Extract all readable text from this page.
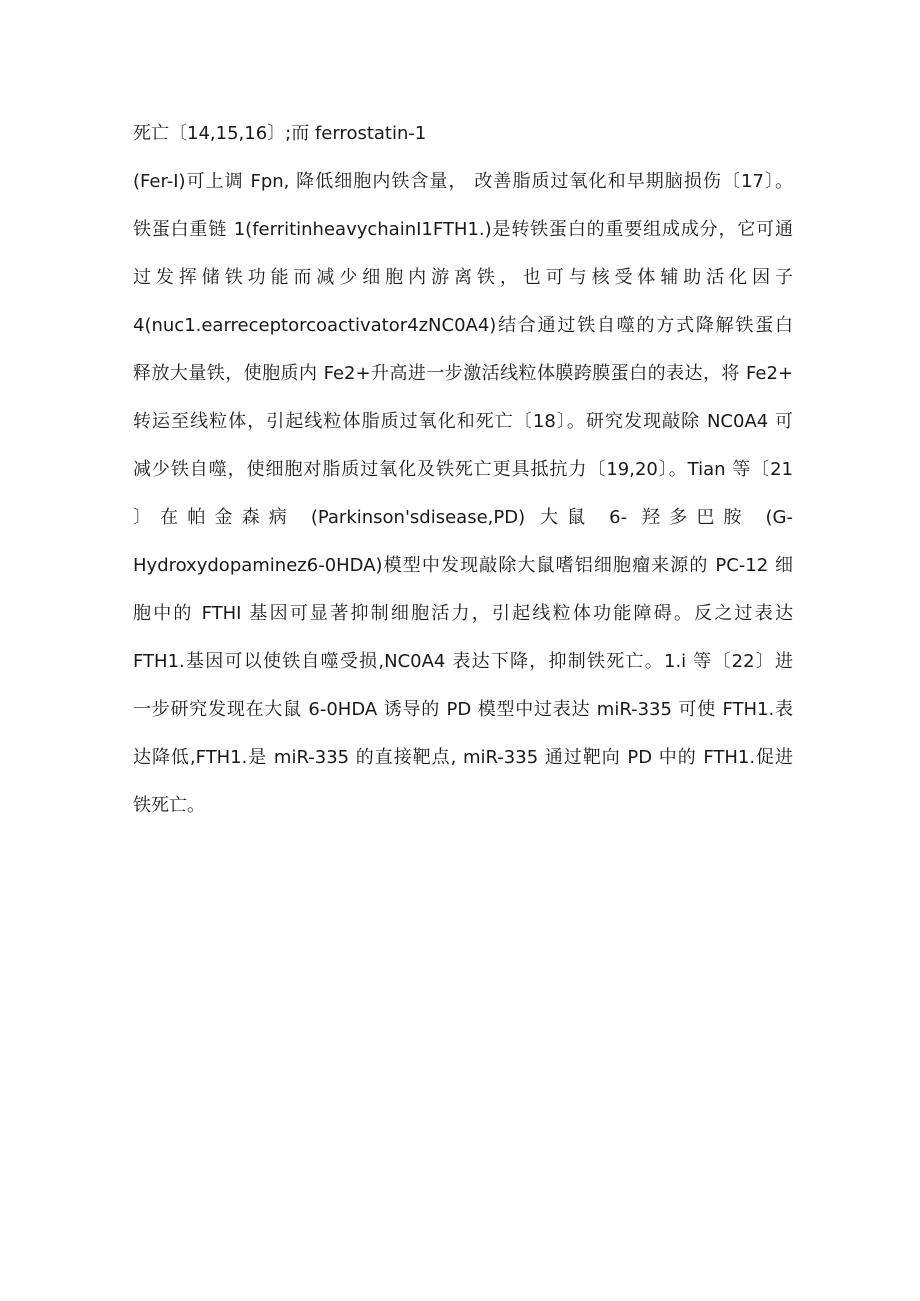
死亡〔14,15,16〕;而 ferrostatin-1
(Fer-I)可上调 Fpn, 降低细胞内铁含量， 改善脂质过氧化和早期脑损伤〔17〕。
铁蛋白重链 1(ferritinheavychainI1FTH1.)是转铁蛋白的重要组成成分，它可通
过发挥储铁功能而减少细胞内游离铁，也可与核受体辅助活化因子
4(nuc1.earreceptorcoactivator4zNC0A4)结合通过铁自噬的方式降解铁蛋白
释放大量铁，使胞质内 Fe2+升高进一步激活线粒体膜跨膜蛋白的表达，将 Fe2+
转运至线粒体，引起线粒体脂质过氧化和死亡〔18〕。研究发现敲除 NC0A4 可
减少铁自噬，使细胞对脂质过氧化及铁死亡更具抵抗力〔19,20〕。Tian 等〔21
〕在帕金森病 (Parkinson'sdisease,PD) 大鼠 6- 羟多巴胺 (G-
Hydroxydopaminez6-0HDA)模型中发现敲除大鼠嗜铝细胞瘤来源的 PC-12 细
胞中的 FTHI 基因可显著抑制细胞活力，引起线粒体功能障碍。反之过表达
FTH1.基因可以使铁自噬受损,NC0A4 表达下降，抑制铁死亡。1.i 等〔22〕进
一步研究发现在大鼠 6-0HDA 诱导的 PD 模型中过表达 miR-335 可使 FTH1.表
达降低,FTH1.是 miR-335 的直接靶点, miR-335 通过靶向 PD 中的 FTH1.促进
铁死亡。
